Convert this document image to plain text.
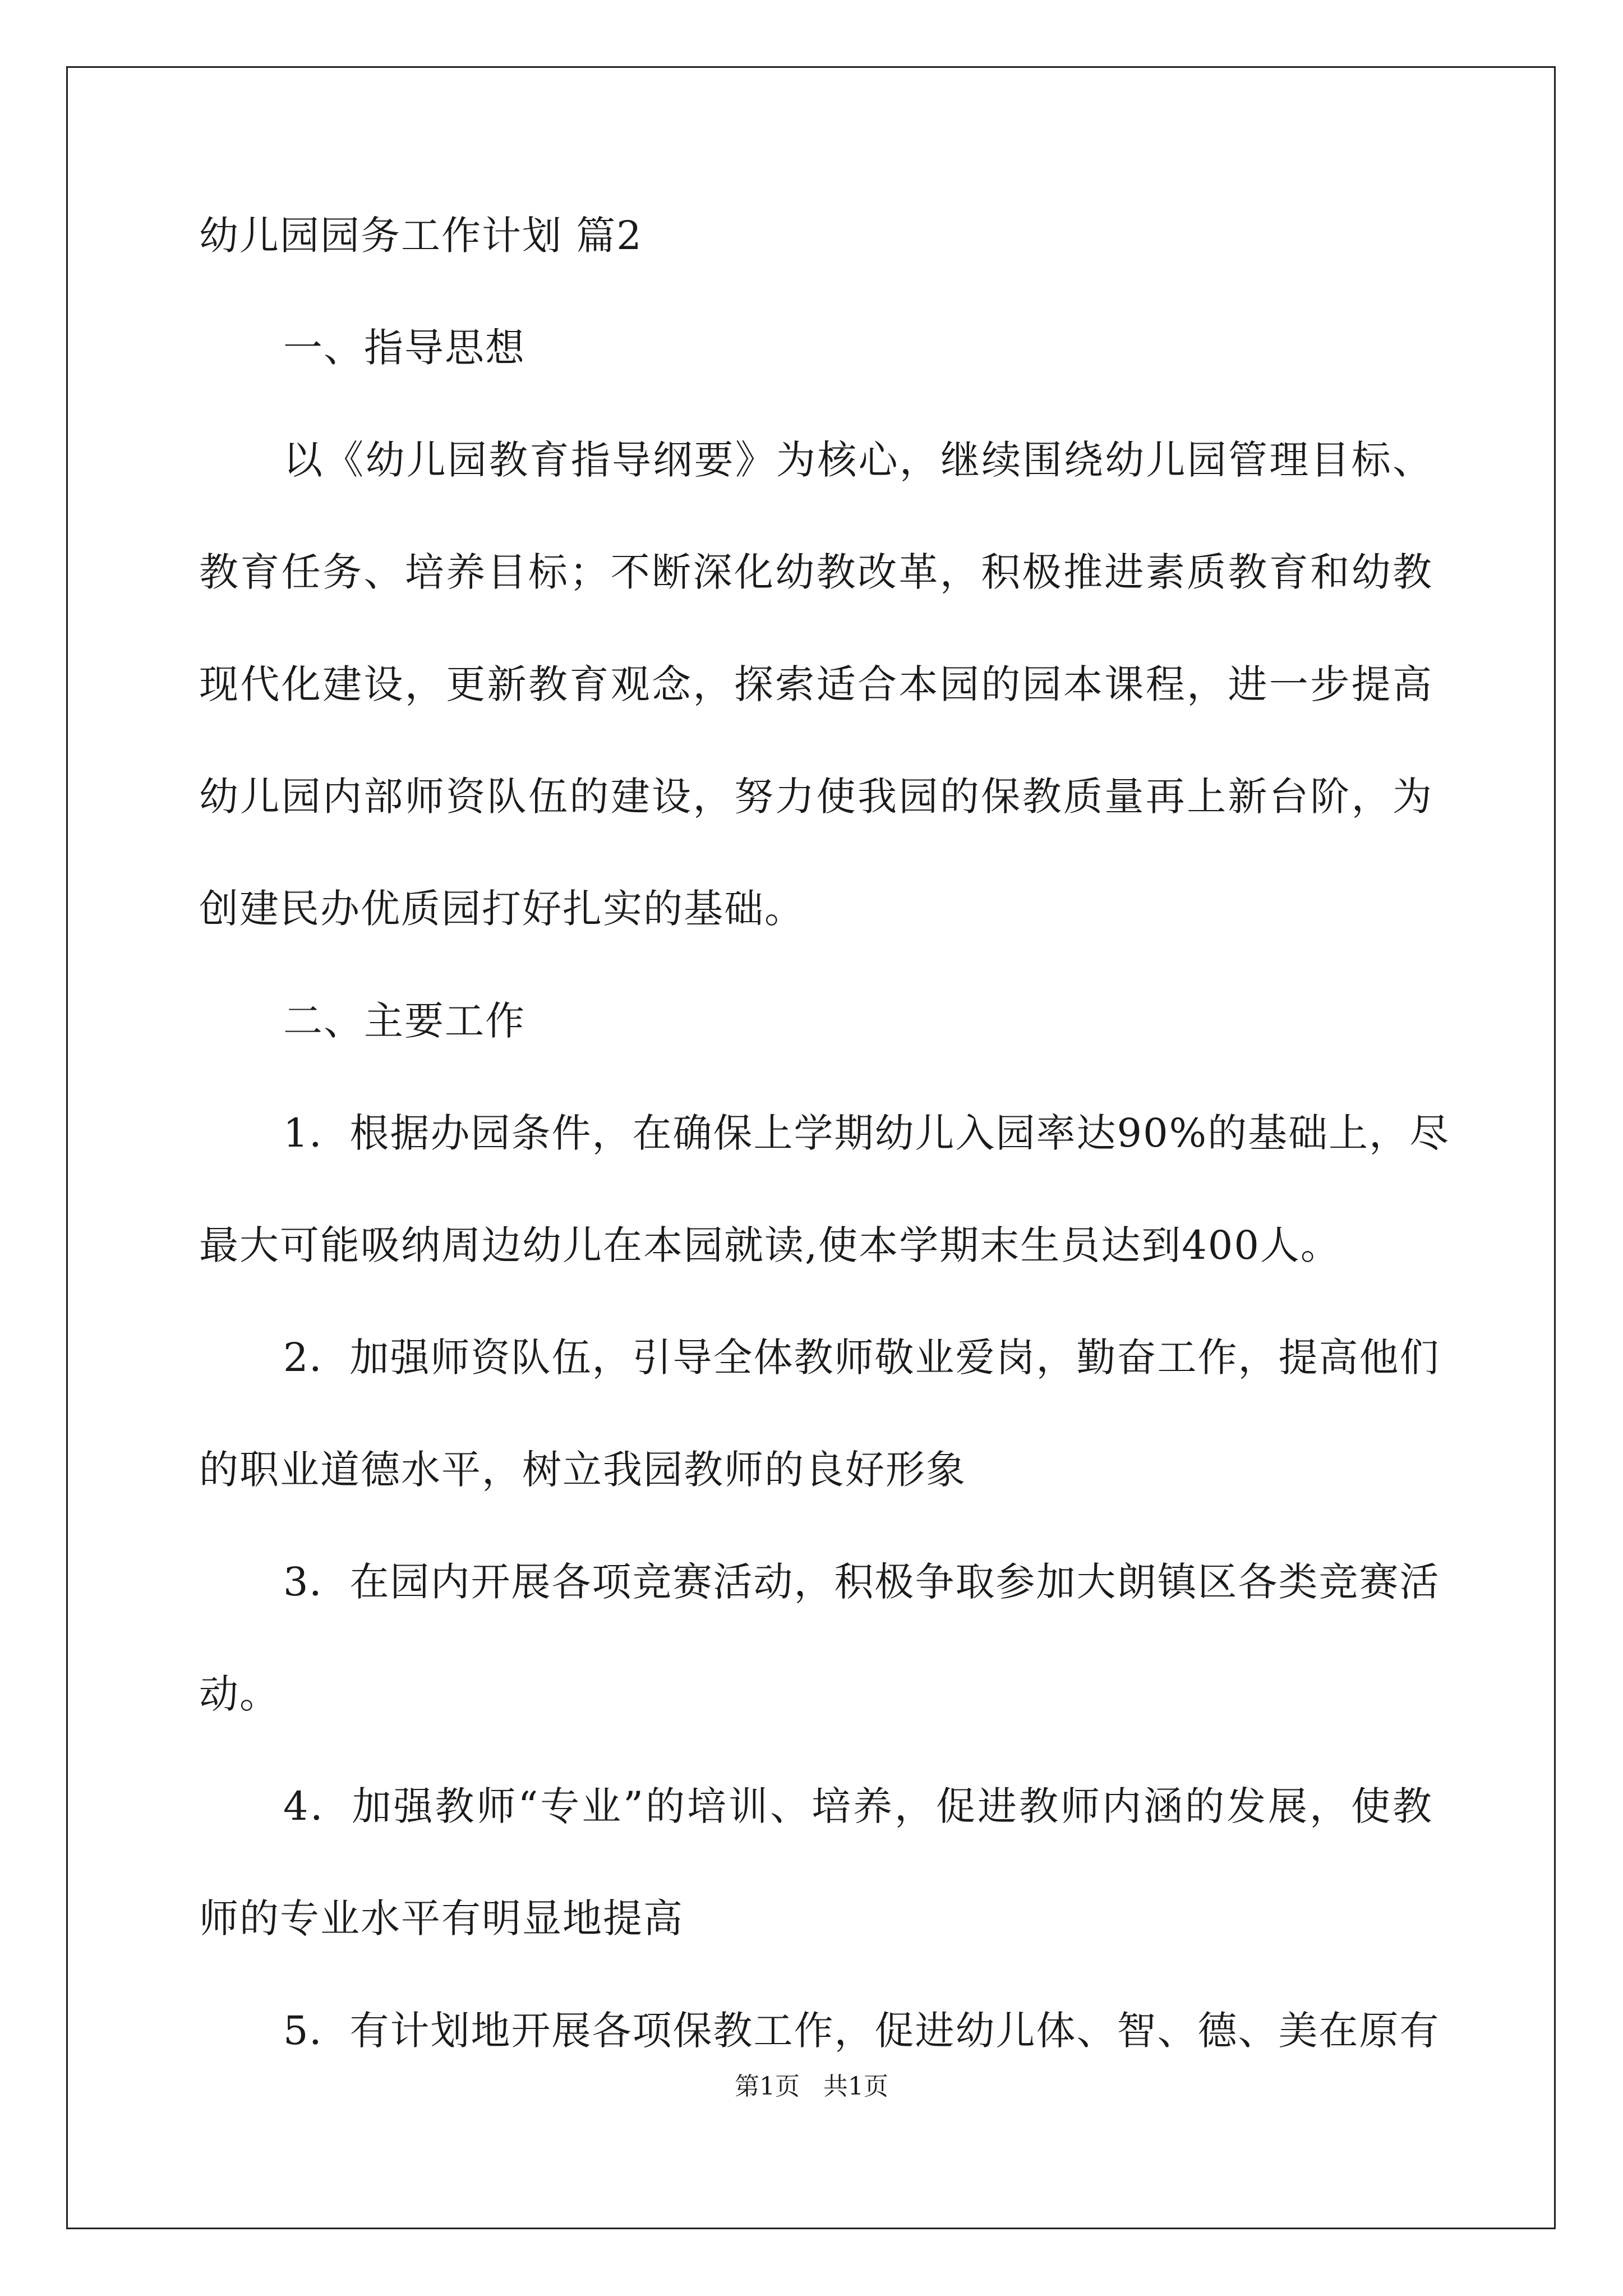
幼儿园园务工作计划 篇2

一、指导思想

以《幼儿园教育指导纲要》为核心，继续围绕幼儿园管理目标、

教育任务、培养目标；不断深化幼教改革，积极推进素质教育和幼教

现代化建设，更新教育观念，探索适合本园的园本课程，进一步提高

幼儿园内部师资队伍的建设，努力使我园的保教质量再上新台阶，为

创建民办优质园打好扎实的基础。

二、主要工作

1．根据办园条件，在确保上学期幼儿入园率达90%的基础上，尽

最大可能吸纳周边幼儿在本园就读,使本学期末生员达到400人。

2．加强师资队伍，引导全体教师敬业爱岗，勤奋工作，提高他们

的职业道德水平，树立我园教师的良好形象

3．在园内开展各项竞赛活动，积极争取参加大朗镇区各类竞赛活

动。

4．加强教师“专业”的培训、培养，促进教师内涵的发展，使教

师的专业水平有明显地提高

5．有计划地开展各项保教工作，促进幼儿体、智、德、美在原有

第1页 共1页
